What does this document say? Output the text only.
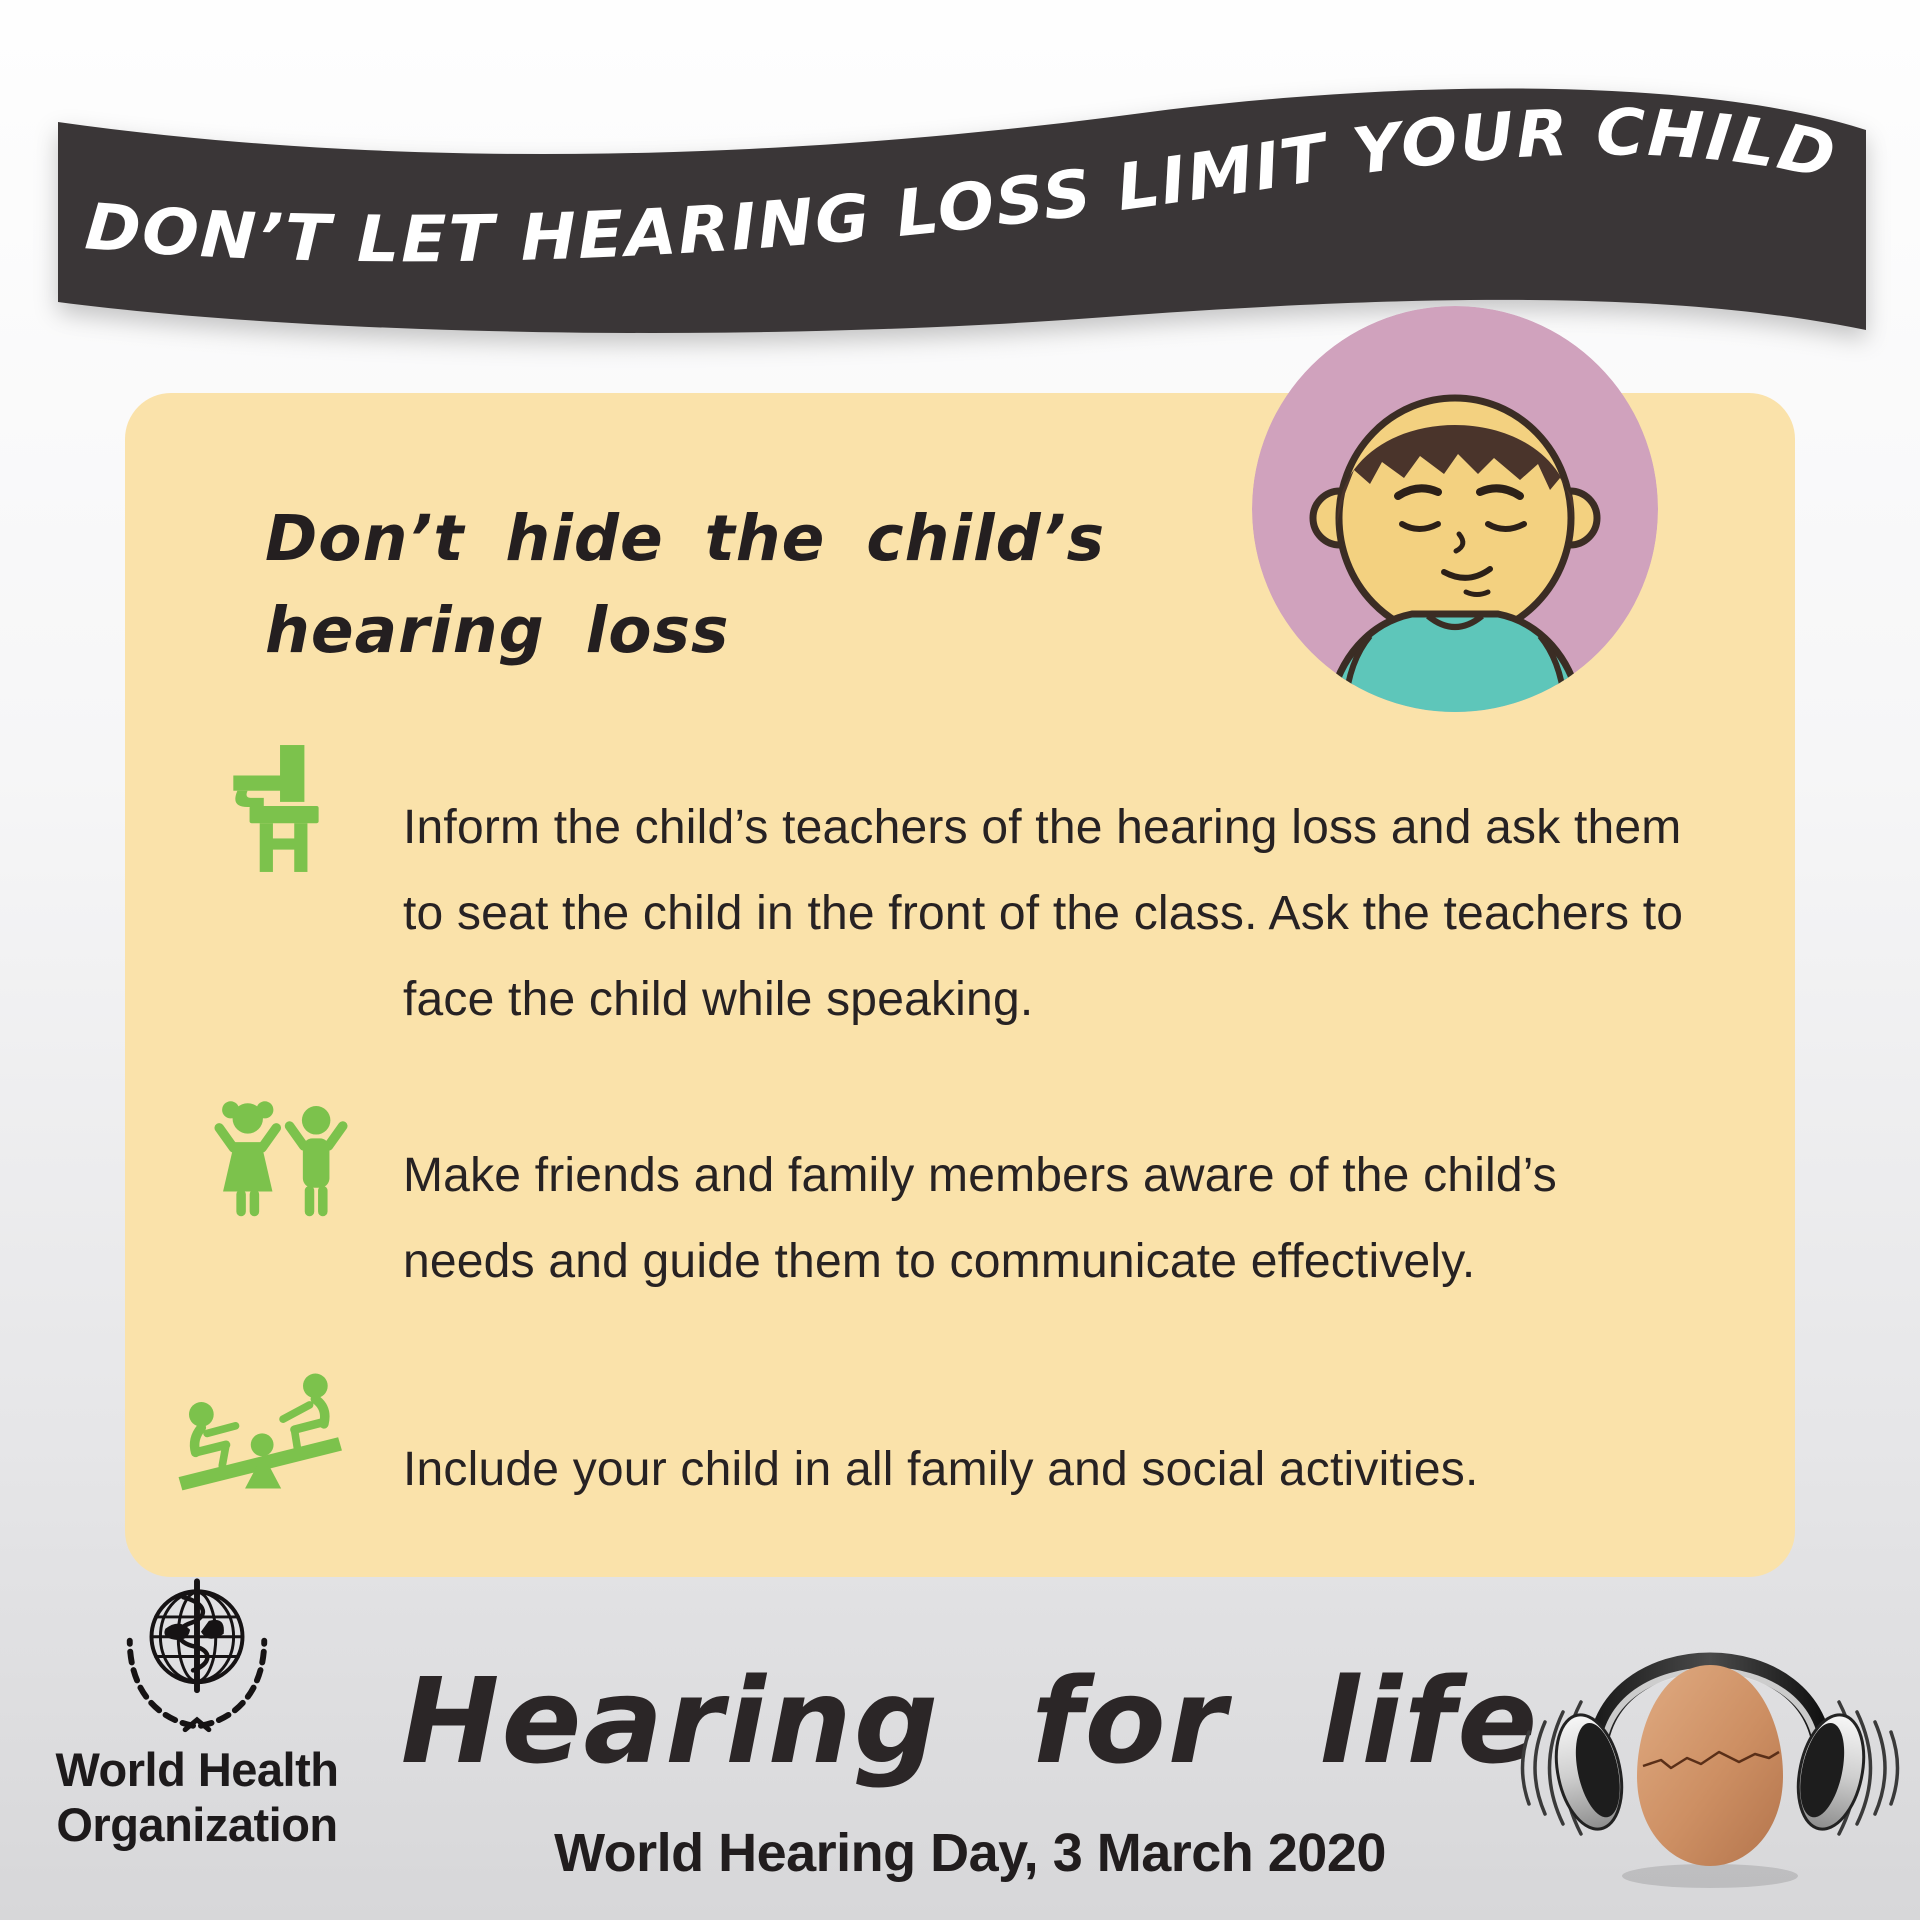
DON’T LET HEARING LOSS LIMIT YOUR CHILD
Don’t hide the child’s hearing loss

Inform the child’s teachers of the hearing loss and ask them to seat the child in the front of the class. Ask the teachers to face the child while speaking.

Make friends and family members aware of the child’s needs and guide them to communicate effectively.

Include your child in all family and social activities.

World Health
Organization
Hearing for life
World Hearing Day, 3 March 2020
